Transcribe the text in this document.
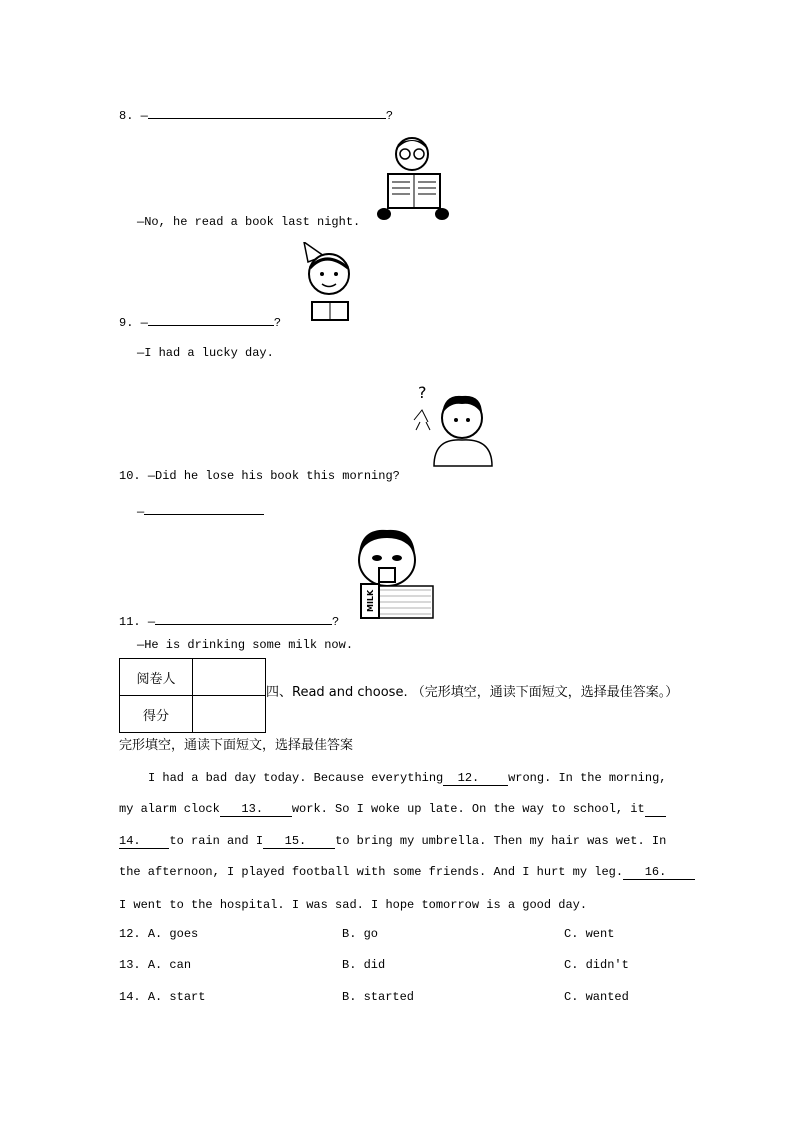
8. —	?
—No, he read a book last night.
9. —	?
—I had a lucky day.
?
10. —Did he lose his book this morning?
—
MILK
11. —	?
—He is drinking some milk now.
阅卷人	
得分	
四、Read and choose. （完形填空，通读下面短文，选择最佳答案。）
完形填空，通读下面短文，选择最佳答案
I had a bad day today. Because everything  12.    wrong. In the morning,
my alarm clock   13.    work. So I woke up late. On the way to school, it
14.    to rain and I   15.    to bring my umbrella. Then my hair was wet. In
the afternoon, I played football with some friends. And I hurt my leg.   16.
I went to the hospital. I was sad. I hope tomorrow is a good day.
12. A. goes	B. go	C. went
13. A. can	B. did	C. didn't
14. A. start	B. started	C. wanted
